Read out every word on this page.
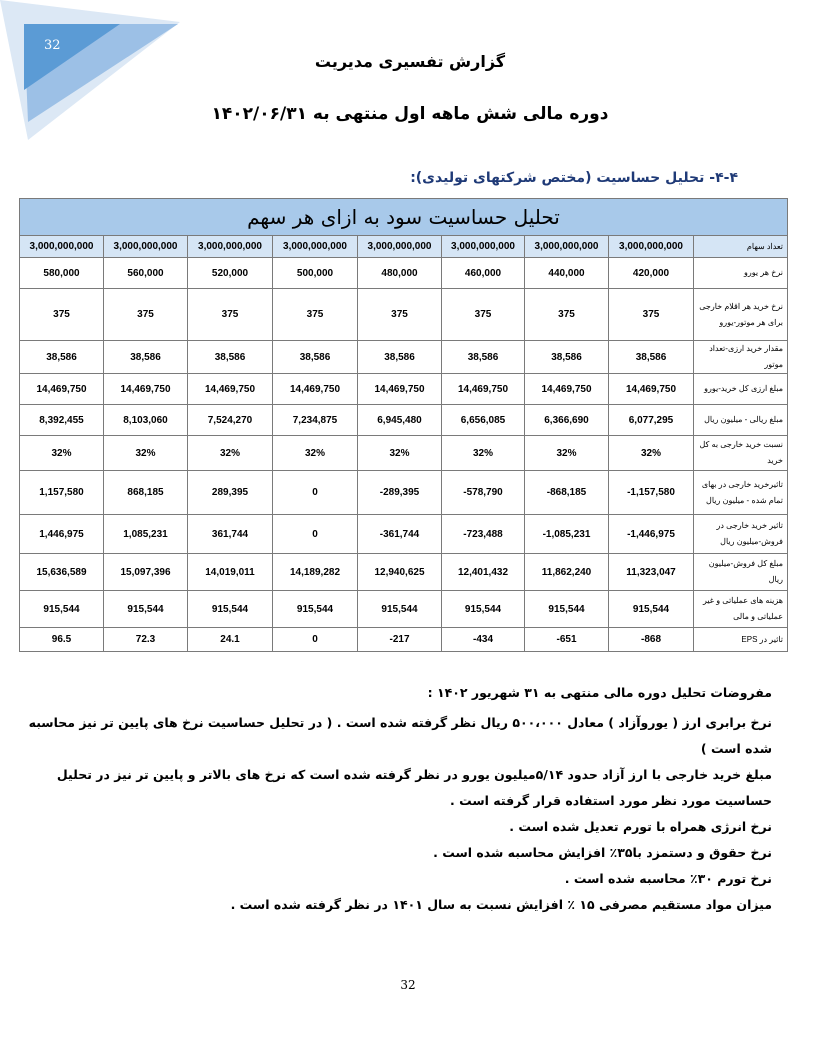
32
گزارش تفسیری مدیریت
دوره مالی شش ماهه اول منتهی به ۱۴۰۲/۰۶/۳۱
۴-۴- تحلیل حساسیت (مختص شرکتهای تولیدی):
تحلیل حساسیت سود به ازای هر سهم								
3,000,000,000	3,000,000,000	3,000,000,000	3,000,000,000	3,000,000,000	3,000,000,000	3,000,000,000	3,000,000,000	تعداد سهام
580,000	560,000	520,000	500,000	480,000	460,000	440,000	420,000	نرخ هر یورو
375	375	375	375	375	375	375	375	نرخ خرید هر اقلام خارجی برای هر موتور-یورو
38,586	38,586	38,586	38,586	38,586	38,586	38,586	38,586	مقدار خرید ارزی-تعداد موتور
14,469,750	14,469,750	14,469,750	14,469,750	14,469,750	14,469,750	14,469,750	14,469,750	مبلغ ارزی کل خرید-یورو
8,392,455	8,103,060	7,524,270	7,234,875	6,945,480	6,656,085	6,366,690	6,077,295	مبلغ ریالی - میلیون ریال
32%	32%	32%	32%	32%	32%	32%	32%	نسبت خرید خارجی به کل خرید
1,157,580	868,185	289,395	0	-289,395	-578,790	-868,185	-1,157,580	تاثیرخرید خارجی در بهای تمام شده - میلیون ریال
1,446,975	1,085,231	361,744	0	-361,744	-723,488	-1,085,231	-1,446,975	تاثیر خرید خارجی در فروش-میلیون ریال
15,636,589	15,097,396	14,019,011	14,189,282	12,940,625	12,401,432	11,862,240	11,323,047	مبلغ کل فروش-میلیون ریال
915,544	915,544	915,544	915,544	915,544	915,544	915,544	915,544	هزینه های عملیاتی و غیر عملیاتی و مالی
96.5	72.3	24.1	0	-217	-434	-651	-868	تاثیر در EPS

مفروضات تحلیل دوره مالی منتهی به ۳۱ شهریور ۱۴۰۲ :

نرخ برابری ارز ( یوروآزاد ) معادل ۵۰۰،۰۰۰ ریال نظر گرفته شده است . ( در تحلیل حساسیت نرخ های پایین تر نیز محاسبه شده است )

مبلغ خرید خارجی با ارز آزاد حدود ۵/۱۴میلیون یورو در نظر گرفته شده است که نرخ های بالاتر و پایین تر نیز در تحلیل حساسیت مورد نظر مورد استفاده قرار گرفته است .

نرخ انرژی همراه با تورم تعدیل شده است .

نرخ حقوق و دستمزد با۳۵٪ افزایش محاسبه شده است .

نرخ تورم ۳۰٪ محاسبه شده است .

میزان مواد مستقیم مصرفی ۱۵ ٪ افزایش نسبت به سال ۱۴۰۱ در نظر گرفته شده است .

32
